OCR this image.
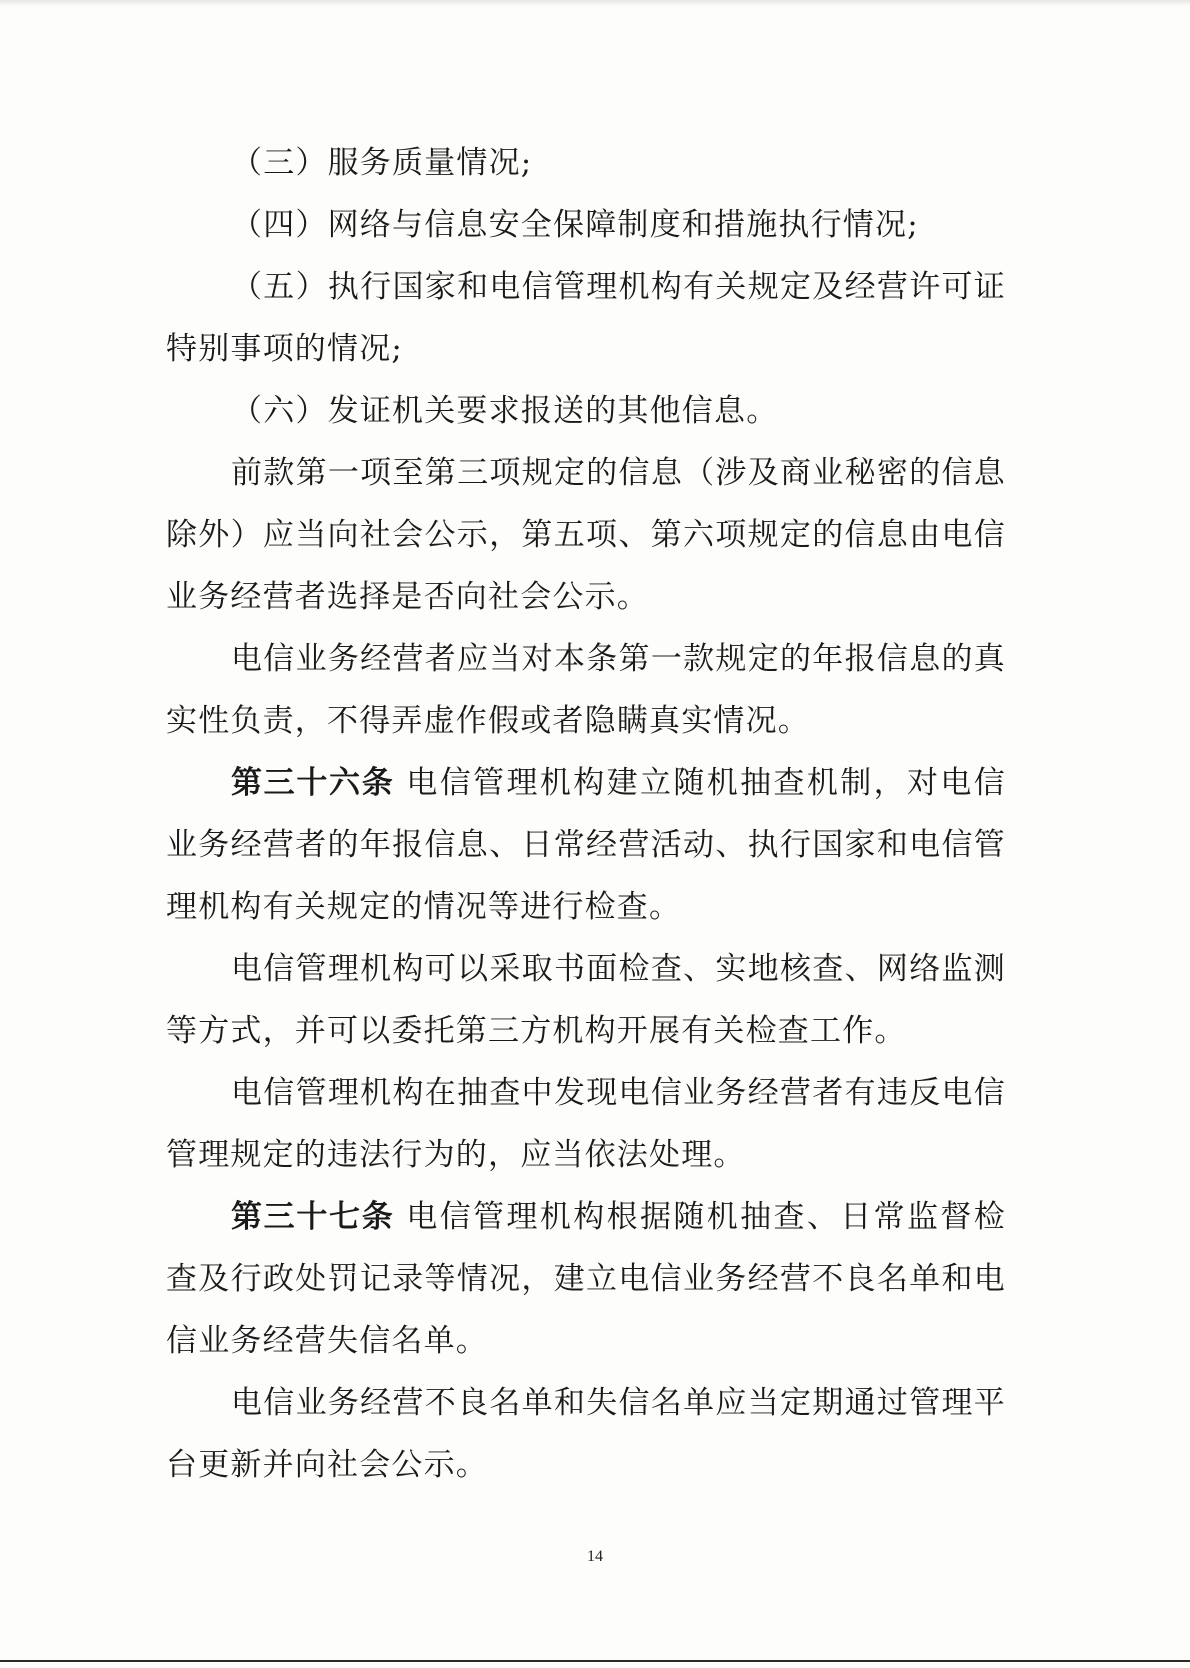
（三）服务质量情况;

（四）网络与信息安全保障制度和措施执行情况;

（五）执行国家和电信管理机构有关规定及经营许可证特别事项的情况;

（六）发证机关要求报送的其他信息。

前款第一项至第三项规定的信息（涉及商业秘密的信息除外）应当向社会公示，第五项、第六项规定的信息由电信业务经营者选择是否向社会公示。

电信业务经营者应当对本条第一款规定的年报信息的真实性负责，不得弄虚作假或者隐瞒真实情况。

第三十六条 电信管理机构建立随机抽查机制，对电信业务经营者的年报信息、日常经营活动、执行国家和电信管理机构有关规定的情况等进行检查。

电信管理机构可以采取书面检查、实地核查、网络监测等方式，并可以委托第三方机构开展有关检查工作。

电信管理机构在抽查中发现电信业务经营者有违反电信管理规定的违法行为的，应当依法处理。

第三十七条 电信管理机构根据随机抽查、日常监督检查及行政处罚记录等情况，建立电信业务经营不良名单和电信业务经营失信名单。

电信业务经营不良名单和失信名单应当定期通过管理平台更新并向社会公示。

14
